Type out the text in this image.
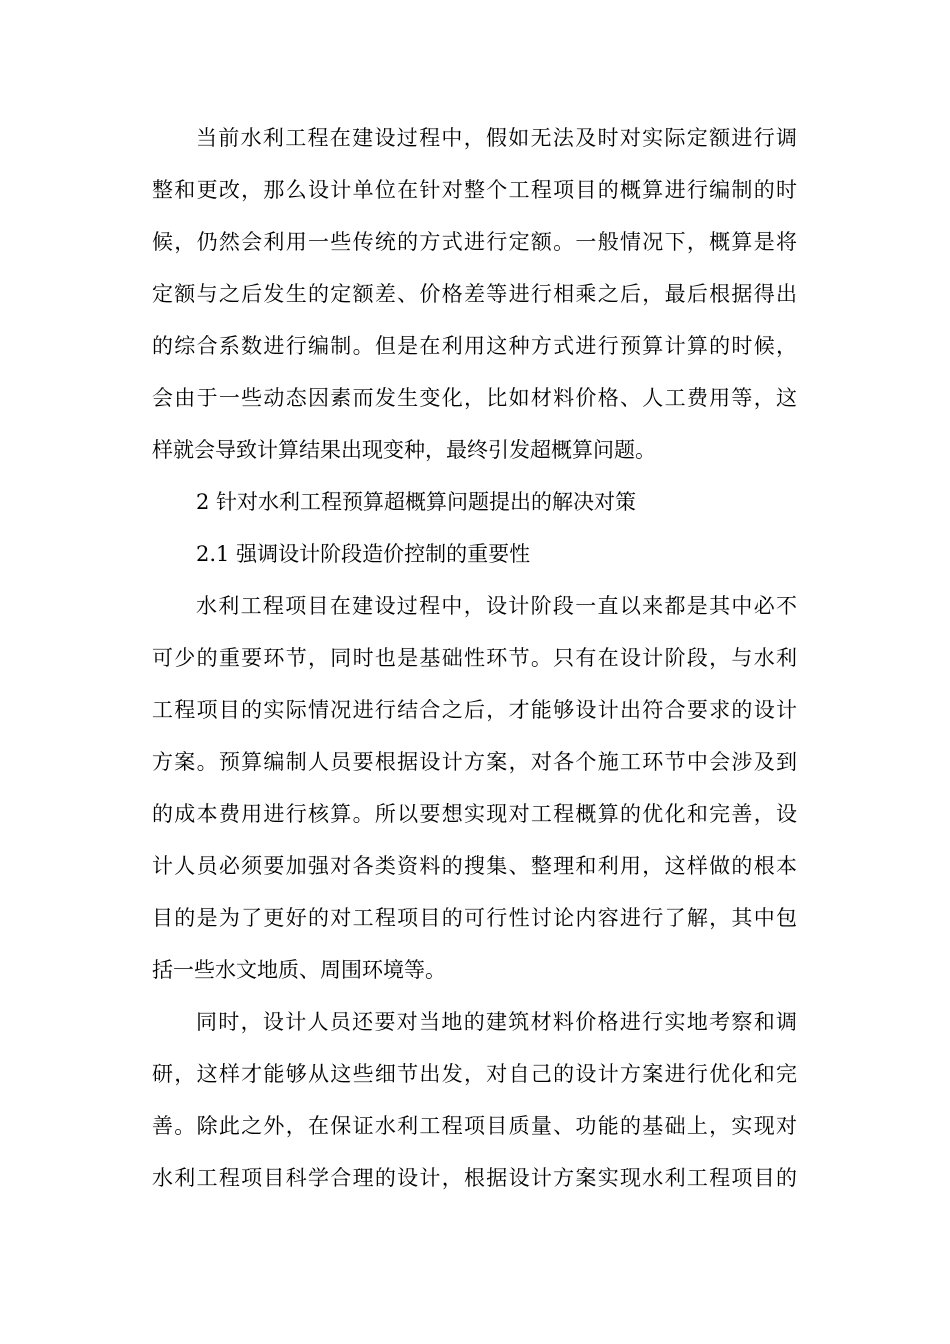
当前水利工程在建设过程中，假如无法及时对实际定额进行调
整和更改，那么设计单位在针对整个工程项目的概算进行编制的时
候，仍然会利用一些传统的方式进行定额。一般情况下，概算是将
定额与之后发生的定额差、价格差等进行相乘之后，最后根据得出
的综合系数进行编制。但是在利用这种方式进行预算计算的时候，
会由于一些动态因素而发生变化，比如材料价格、人工费用等，这
样就会导致计算结果出现变种，最终引发超概算问题。
2 针对水利工程预算超概算问题提出的解决对策
2.1 强调设计阶段造价控制的重要性
水利工程项目在建设过程中，设计阶段一直以来都是其中必不
可少的重要环节，同时也是基础性环节。只有在设计阶段，与水利
工程项目的实际情况进行结合之后，才能够设计出符合要求的设计
方案。预算编制人员要根据设计方案，对各个施工环节中会涉及到
的成本费用进行核算。所以要想实现对工程概算的优化和完善，设
计人员必须要加强对各类资料的搜集、整理和利用，这样做的根本
目的是为了更好的对工程项目的可行性讨论内容进行了解，其中包
括一些水文地质、周围环境等。
同时，设计人员还要对当地的建筑材料价格进行实地考察和调
研，这样才能够从这些细节出发，对自己的设计方案进行优化和完
善。除此之外，在保证水利工程项目质量、功能的基础上，实现对
水利工程项目科学合理的设计，根据设计方案实现水利工程项目的
